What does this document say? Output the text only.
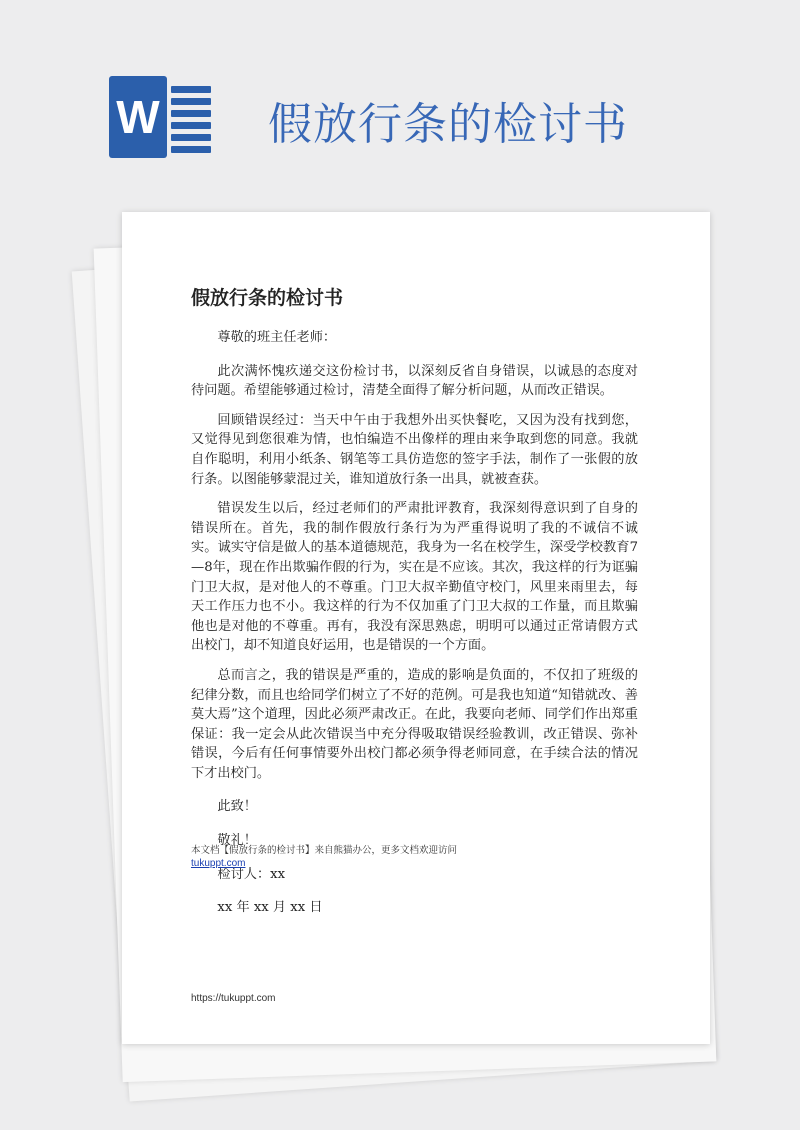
W 假放行条的检讨书
假放行条的检讨书

尊敬的班主任老师：

此次满怀愧疚递交这份检讨书，以深刻反省自身错误，以诚恳的态度对待问题。希望能够通过检讨，清楚全面得了解分析问题，从而改正错误。

回顾错误经过：当天中午由于我想外出买快餐吃，又因为没有找到您，又觉得见到您很难为情，也怕编造不出像样的理由来争取到您的同意。我就自作聪明，利用小纸条、钢笔等工具仿造您的签字手法，制作了一张假的放行条。以图能够蒙混过关，谁知道放行条一出具，就被查获。

错误发生以后，经过老师们的严肃批评教育，我深刻得意识到了自身的错误所在。首先，我的制作假放行条行为为严重得说明了我的不诚信不诚实。诚实守信是做人的基本道德规范，我身为一名在校学生，深受学校教育7—8年，现在作出欺骗作假的行为，实在是不应该。其次，我这样的行为诓骗门卫大叔，是对他人的不尊重。门卫大叔辛勤值守校门，风里来雨里去，每天工作压力也不小。我这样的行为不仅加重了门卫大叔的工作量，而且欺骗他也是对他的不尊重。再有，我没有深思熟虑，明明可以通过正常请假方式出校门，却不知道良好运用，也是错误的一个方面。

总而言之，我的错误是严重的，造成的影响是负面的，不仅扣了班级的纪律分数，而且也给同学们树立了不好的范例。可是我也知道“知错就改、善莫大焉”这个道理，因此必须严肃改正。在此，我要向老师、同学们作出郑重保证：我一定会从此次错误当中充分得吸取错误经验教训，改正错误、弥补错误，今后有任何事情要外出校门都必须争得老师同意，在手续合法的情况下才出校门。

此致！

敬礼！

检讨人：xx

xx 年 xx 月 xx 日

本文档【假放行条的检讨书】来自熊猫办公，更多文档欢迎访问
tukuppt.com
https://tukuppt.com
